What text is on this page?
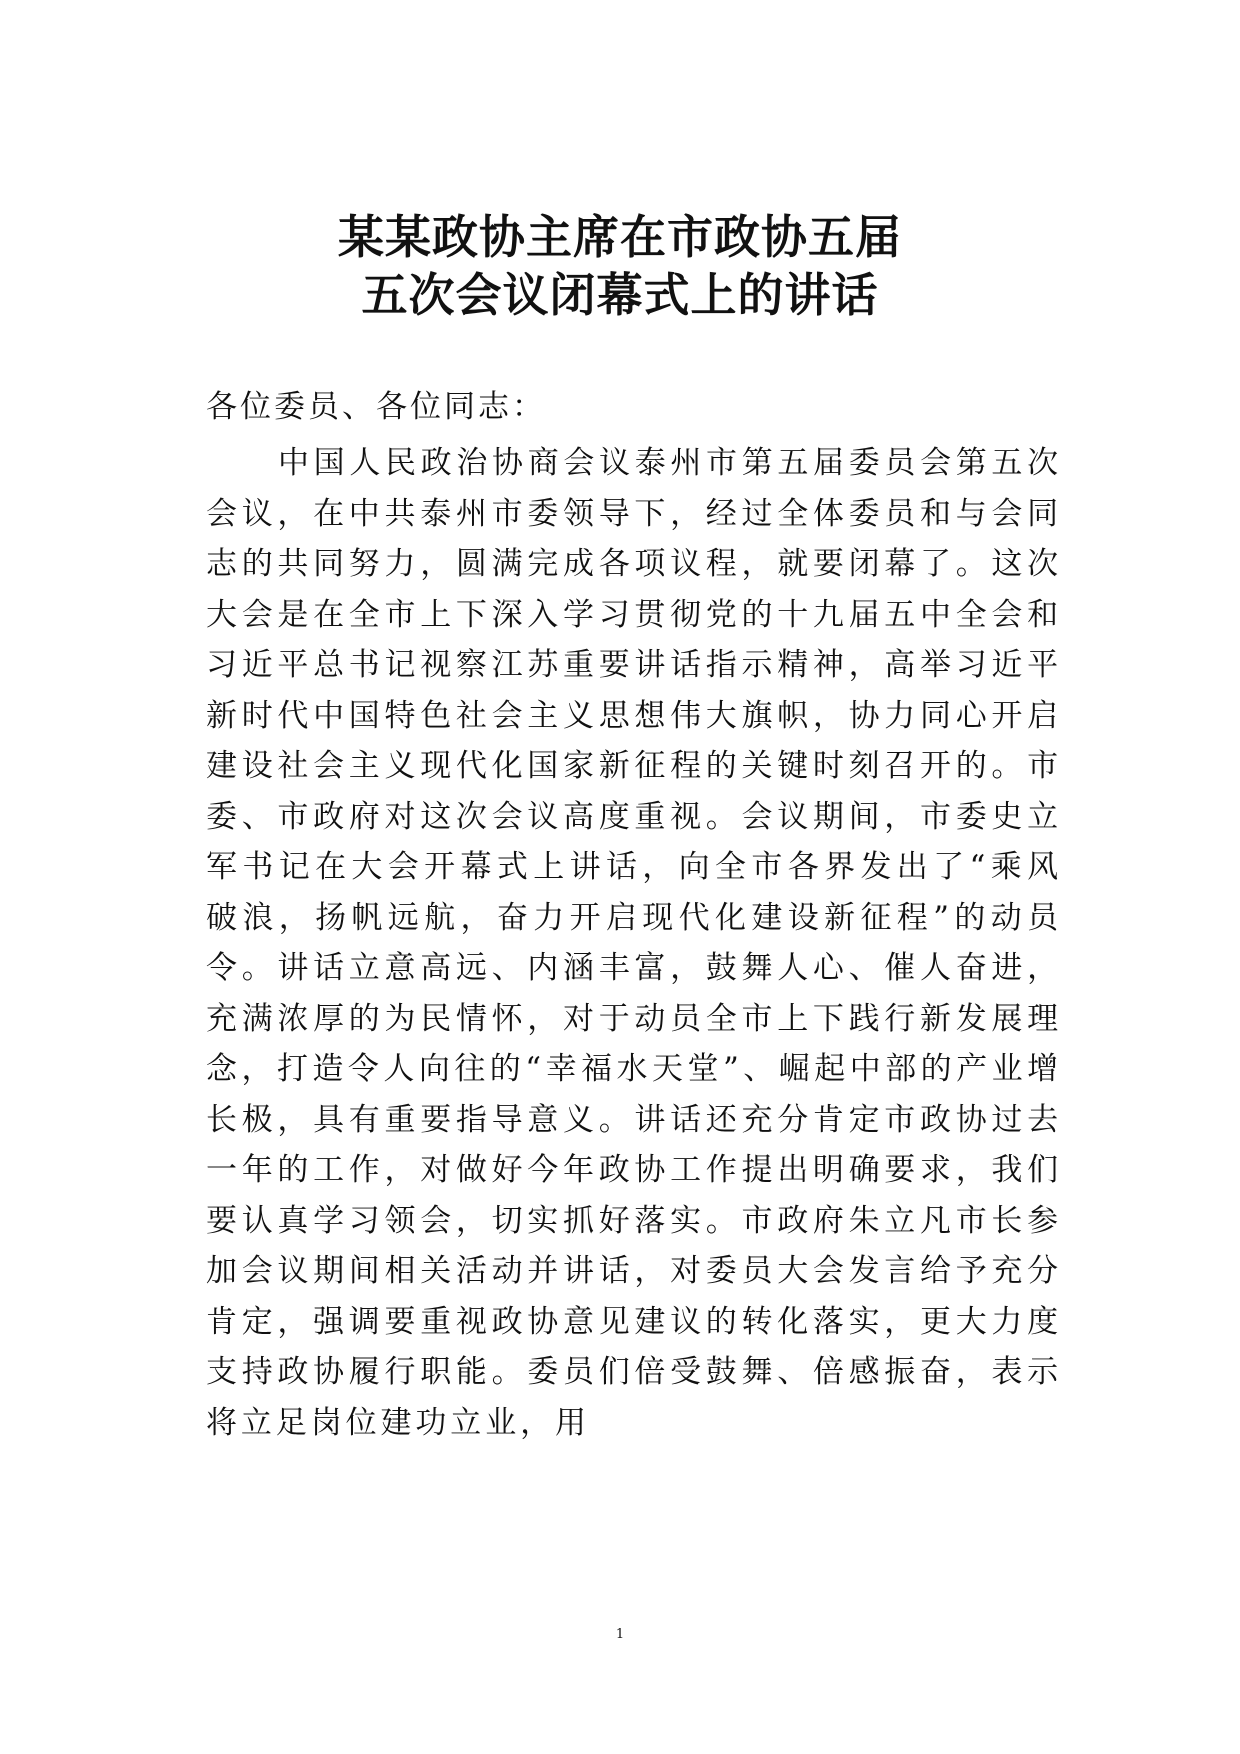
某某政协主席在市政协五届
五次会议闭幕式上的讲话

各位委员、各位同志：

中国人民政治协商会议泰州市第五届委员会第五次会议，在中共泰州市委领导下，经过全体委员和与会同志的共同努力，圆满完成各项议程，就要闭幕了。这次大会是在全市上下深入学习贯彻党的十九届五中全会和习近平总书记视察江苏重要讲话指示精神，高举习近平新时代中国特色社会主义思想伟大旗帜，协力同心开启建设社会主义现代化国家新征程的关键时刻召开的。市委、市政府对这次会议高度重视。会议期间，市委史立军书记在大会开幕式上讲话，向全市各界发出了“乘风破浪，扬帆远航，奋力开启现代化建设新征程”的动员令。讲话立意高远、内涵丰富，鼓舞人心、催人奋进，充满浓厚的为民情怀，对于动员全市上下践行新发展理念，打造令人向往的“幸福水天堂”、崛起中部的产业增长极，具有重要指导意义。讲话还充分肯定市政协过去一年的工作，对做好今年政协工作提出明确要求，我们要认真学习领会，切实抓好落实。市政府朱立凡市长参加会议期间相关活动并讲话，对委员大会发言给予充分肯定，强调要重视政协意见建议的转化落实，更大力度支持政协履行职能。委员们倍受鼓舞、倍感振奋，表示将立足岗位建功立业，用

1
